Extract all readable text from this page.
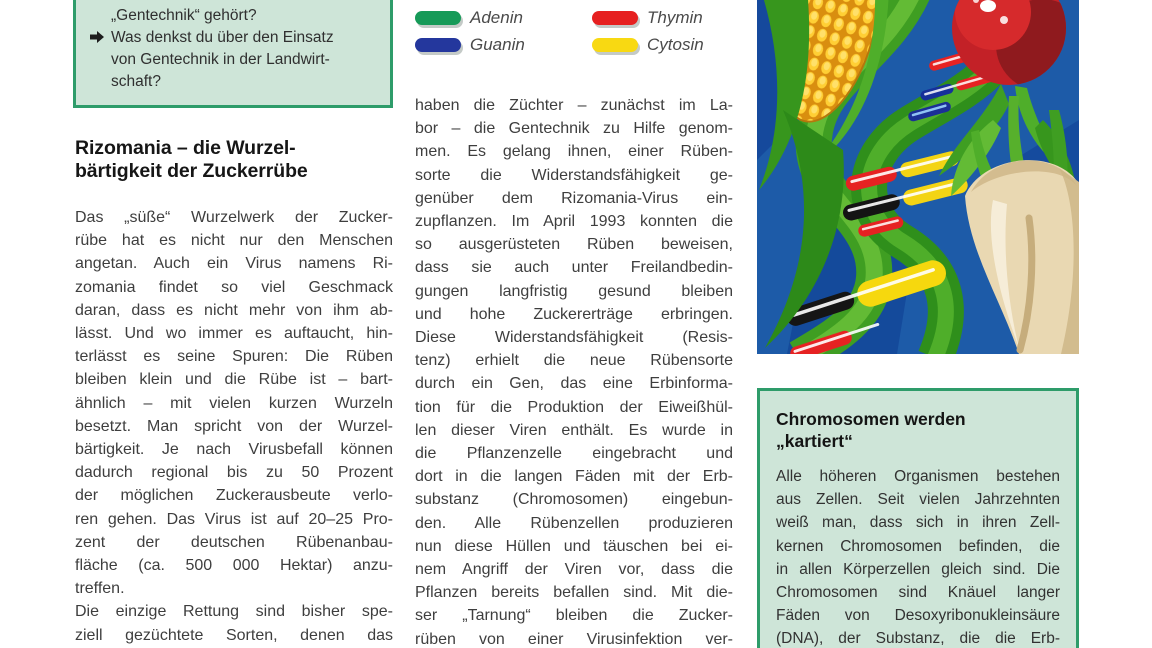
„Gentechnik“ gehört?
Was denkst du über den Einsatz
von Gentechnik in der Landwirt-
schaft?
Adenin	Thymin
Guanin	Cytosin
Rizomania – die Wurzel-
bärtigkeit der Zuckerrübe
Das „süße“ Wurzelwerk der Zucker-
rübe hat es nicht nur den Menschen
angetan. Auch ein Virus namens Ri-
zomania findet so viel Geschmack
daran, dass es nicht mehr von ihm ab-
lässt. Und wo immer es auftaucht, hin-
terlässt es seine Spuren: Die Rüben
bleiben klein und die Rübe ist – bart-
ähnlich – mit vielen kurzen Wurzeln
besetzt. Man spricht von der Wurzel-
bärtigkeit. Je nach Virusbefall können
dadurch regional bis zu 50 Prozent
der möglichen Zuckerausbeute verlo-
ren gehen. Das Virus ist auf 20–25 Pro-
zent der deutschen Rübenanbau-
fläche (ca. 500 000 Hektar) anzu-
treffen.
Die einzige Rettung sind bisher spe-
ziell gezüchtete Sorten, denen das
haben die Züchter – zunächst im La-
bor – die Gentechnik zu Hilfe genom-
men. Es gelang ihnen, einer Rüben-
sorte die Widerstandsfähigkeit ge-
genüber dem Rizomania-Virus ein-
zupflanzen. Im April 1993 konnten die
so ausgerüsteten Rüben beweisen,
dass sie auch unter Freilandbedin-
gungen langfristig gesund bleiben
und hohe Zuckererträge erbringen.
Diese Widerstandsfähigkeit (Resis-
tenz) erhielt die neue Rübensorte
durch ein Gen, das eine Erbinforma-
tion für die Produktion der Eiweißhül-
len dieser Viren enthält. Es wurde in
die Pflanzenzelle eingebracht und
dort in die langen Fäden mit der Erb-
substanz (Chromosomen) eingebun-
den. Alle Rübenzellen produzieren
nun diese Hüllen und täuschen bei ei-
nem Angriff der Viren vor, dass die
Pflanzen bereits befallen sind. Mit die-
ser „Tarnung“ bleiben die Zucker-
rüben von einer Virusinfektion ver-
Chromosomen werden
„kartiert“
Alle höheren Organismen bestehen
aus Zellen. Seit vielen Jahrzehnten
weiß man, dass sich in ihren Zell-
kernen Chromosomen befinden, die
in allen Körperzellen gleich sind. Die
Chromosomen sind Knäuel langer
Fäden von Desoxyribonukleinsäure
(DNA), der Substanz, die die Erb-
